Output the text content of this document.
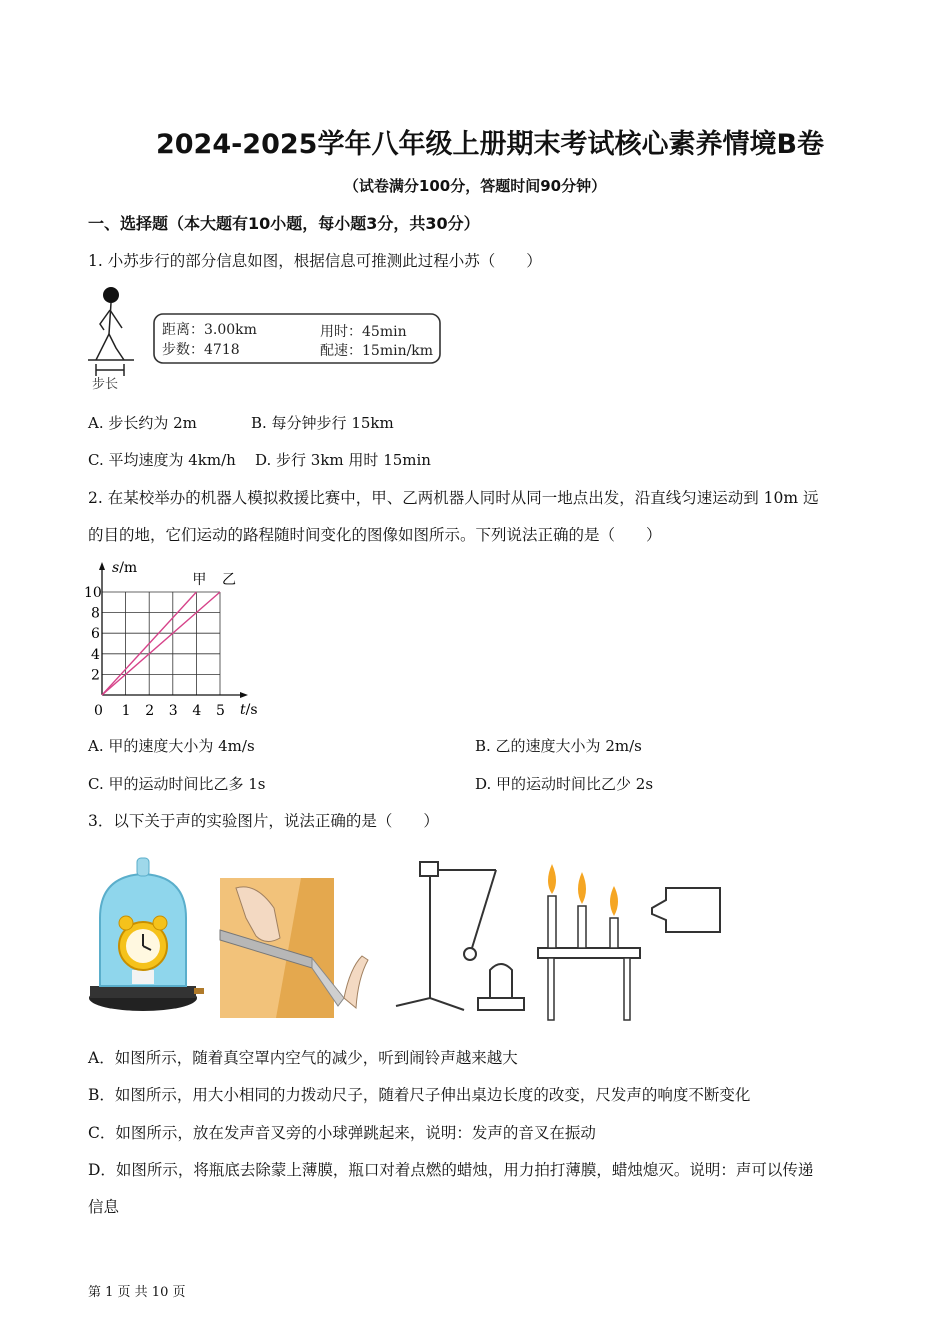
2024-2025学年八年级上册期末考试核心素养情境B卷
（试卷满分100分，答题时间90分钟）
一、选择题（本大题有10小题，每小题3分，共30分）
1. 小苏步行的部分信息如图，根据信息可推测此过程小苏（　　）
步长
距离：3.00km
步数：4718
用时：45min
配速：15min/km
A. 步长约为 2m	B. 每分钟步行 15km
C. 平均速度为 4km/h D. 步行 3km 用时 15min
2. 在某校举办的机器人模拟救援比赛中，甲、乙两机器人同时从同一地点出发，沿直线匀速运动到 10m 远
的目的地，它们运动的路程随时间变化的图像如图所示。下列说法正确的是（　　）
0 1 2 3 4 5
2
4
6
8
10
甲 乙
s/m
t/s
A. 甲的速度大小为 4m/s	B. 乙的速度大小为 2m/s
C. 甲的运动时间比乙多 1s	D. 甲的运动时间比乙少 2s
3．以下关于声的实验图片，说法正确的是（　　）
A．如图所示，随着真空罩内空气的减少，听到闹铃声越来越大
B．如图所示，用大小相同的力拨动尺子，随着尺子伸出桌边长度的改变，尺发声的响度不断变化
C．如图所示，放在发声音叉旁的小球弹跳起来，说明：发声的音叉在振动
D．如图所示，将瓶底去除蒙上薄膜，瓶口对着点燃的蜡烛，用力拍打薄膜，蜡烛熄灭。说明：声可以传递
信息
第 1 页 共 10 页
